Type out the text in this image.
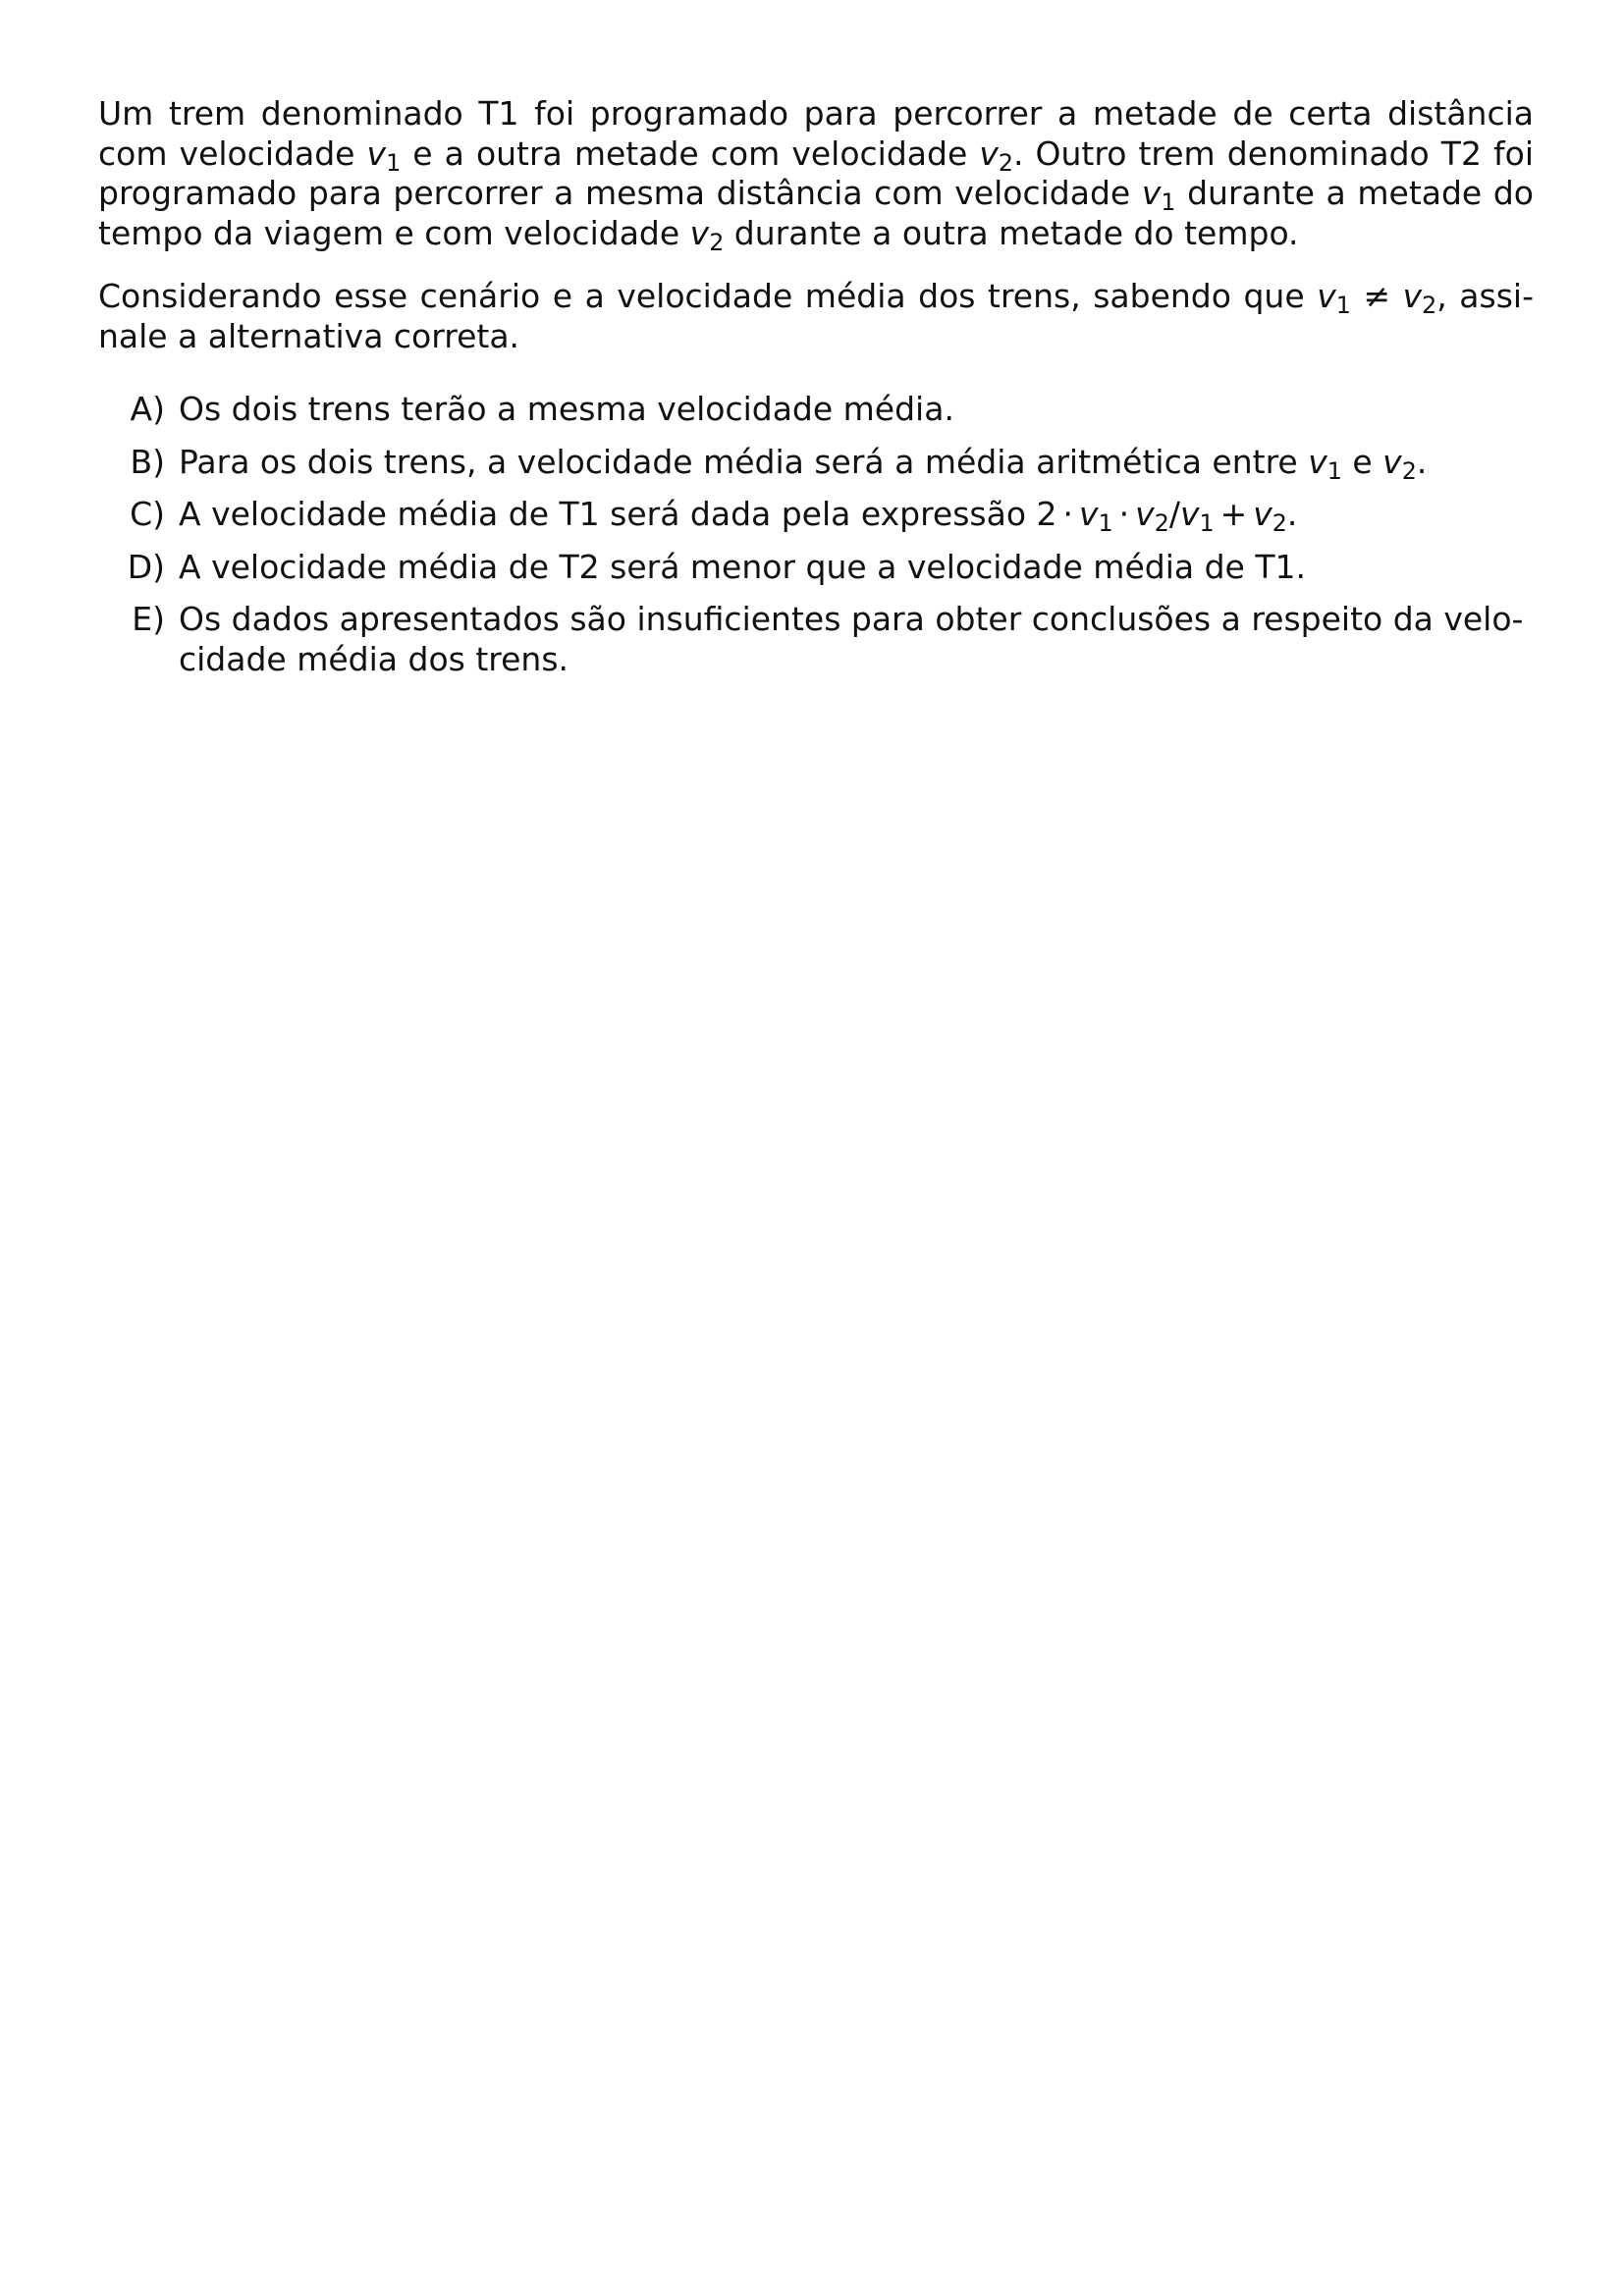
Um trem denominado T1 foi programado para percorrer a metade de certa distância com velocidade $v_1$ e a outra metade com velocidade $v_2$. Outro trem denominado T2 foi programado para percorrer a mesma distância com velocidade $v_1$ durante a metade do tempo da viagem e com velocidade $v_2$ durante a outra metade do tempo.

Considerando esse cenário e a velocidade média dos trens, sabendo que $v_1 \ne v_2$, assinale a alternativa correta.

A) Os dois trens terão a mesma velocidade média.
B) Para os dois trens, a velocidade média será a média aritmética entre $v_1$ e $v_2$.
C) A velocidade média de T1 será dada pela expressão $2 \cdot v_1 \cdot v_2/v_1 + v_2$.
D) A velocidade média de T2 será menor que a velocidade média de T1.
E) Os dados apresentados são insuficientes para obter conclusões a respeito da velocidade média dos trens.
